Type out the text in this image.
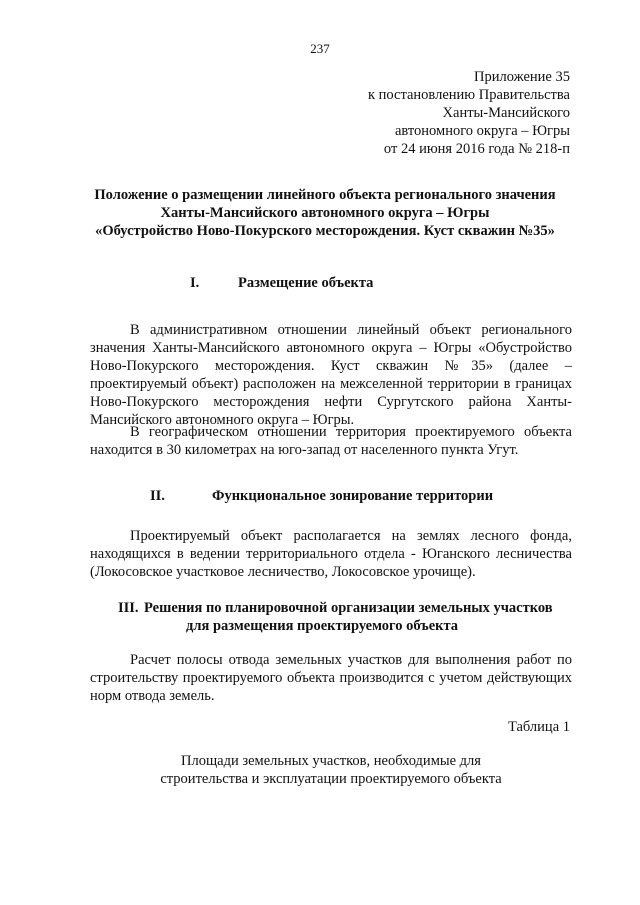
237
Приложение 35
к постановлению Правительства
Ханты-Мансийского
автономного округа – Югры
от 24 июня 2016 года № 218-п
Положение о размещении линейного объекта регионального значения
Ханты-Мансийского автономного округа – Югры
«Обустройство Ново-Покурского месторождения. Куст скважин №35»
I.	Размещение объекта
В административном отношении линейный объект регионального значения Ханты-Мансийского автономного округа – Югры «Обустройство Ново-Покурского месторождения. Куст скважин №35» (далее – проектируемый объект) расположен на межселенной территории в границах Ново-Покурского месторождения нефти Сургутского района Ханты-Мансийского автономного округа – Югры.
В географическом отношении территория проектируемого объекта находится в 30 километрах на юго-запад от населенного пункта Угут.
II.	Функциональное зонирование территории
Проектируемый объект располагается на землях лесного фонда, находящихся в ведении территориального отдела - Юганского лесничества (Локосовское участковое лесничество, Локосовское урочище).
III. Решения по планировочной организации земельных участков
для размещения проектируемого объекта
Расчет полосы отвода земельных участков для выполнения работ по строительству проектируемого объекта производится с учетом действующих норм отвода земель.
Таблица 1
Площади земельных участков, необходимые для
строительства и эксплуатации проектируемого объекта
